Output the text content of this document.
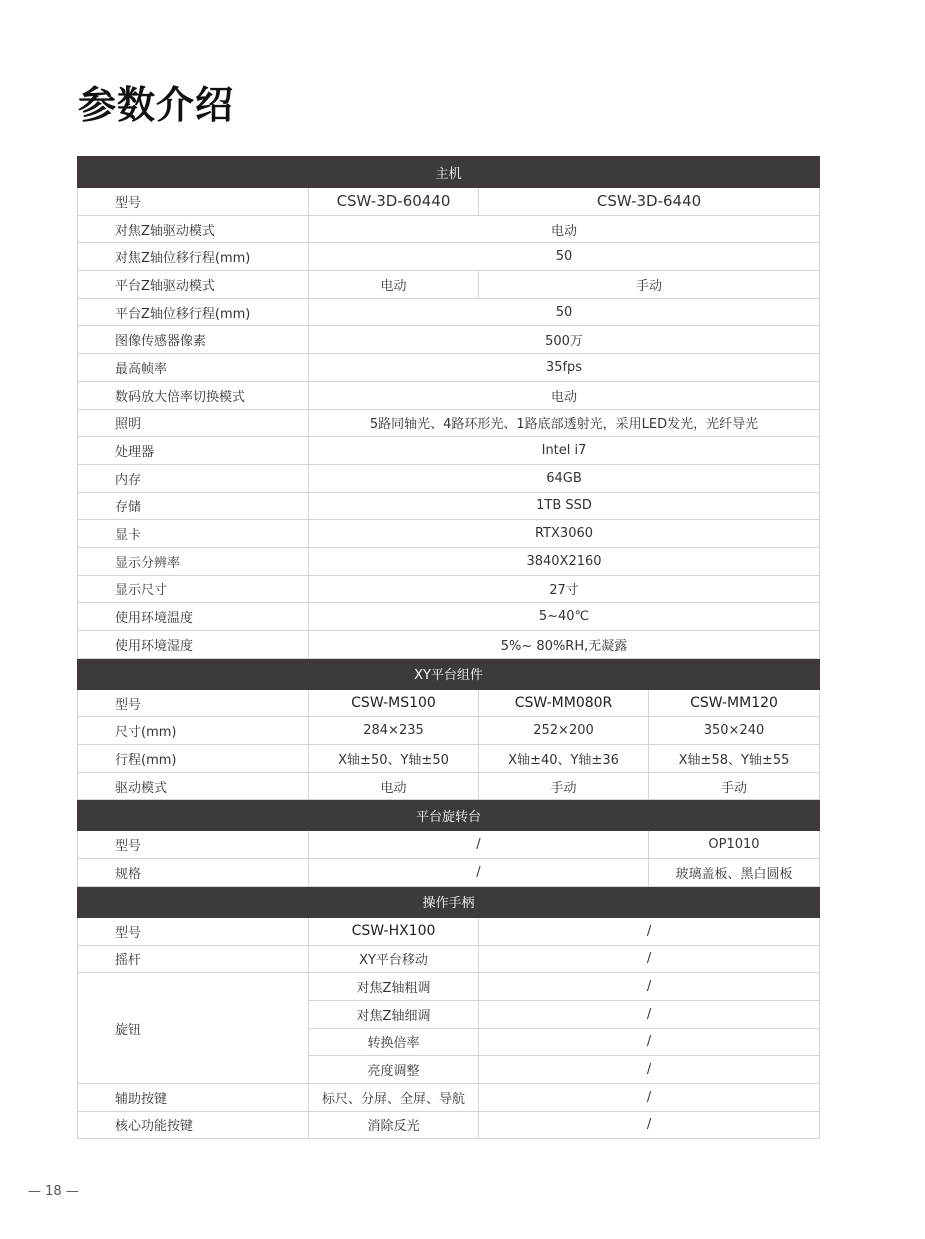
参数介绍
主机			
型号	CSW-3D-60440	CSW-3D-6440	
对焦Z轴驱动模式	电动		
对焦Z轴位移行程(mm)	50		
平台Z轴驱动模式	电动	手动	
平台Z轴位移行程(mm)	50		
图像传感器像素	500万		
最高帧率	35fps		
数码放大倍率切换模式	电动		
照明	5路同轴光、4路环形光、1路底部透射光，采用LED发光，光纤导光		
处理器	Intel i7		
内存	64GB		
存储	1TB SSD		
显卡	RTX3060		
显示分辨率	3840X2160		
显示尺寸	27寸		
使用环境温度	5~40℃		
使用环境湿度	5%~ 80%RH,无凝露		
XY平台组件			
型号	CSW-MS100	CSW-MM080R	CSW-MM120
尺寸(mm)	284×235	252×200	350×240
行程(mm)	X轴±50、Y轴±50	X轴±40、Y轴±36	X轴±58、Y轴±55
驱动模式	电动	手动	手动
平台旋转台			
型号	/		OP1010
规格	/		玻璃盖板、黑白圆板
操作手柄			
型号	CSW-HX100	/	
摇杆	XY平台移动	/	
旋钮	对焦Z轴粗调	/	
	对焦Z轴细调	/	
	转换倍率	/	
	亮度调整	/	
辅助按键	标尺、分屏、全屏、导航	/	
核心功能按键	消除反光	/	
— 18 —
